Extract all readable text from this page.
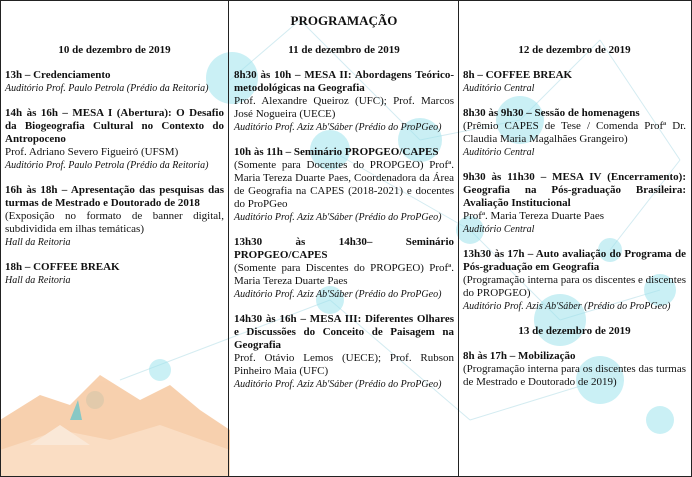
PROGRAMAÇÃO
10 de dezembro de 2019
13h – Credenciamento
Auditório Prof. Paulo Petrola (Prédio da Reitoria)
14h às 16h – MESA I (Abertura): O Desafio da Biogeografia Cultural no Contexto do Antropoceno
Prof. Adriano Severo Figueiró (UFSM)
Auditório Prof. Paulo Petrola (Prédio da Reitoria)
16h às 18h – Apresentação das pesquisas das turmas de Mestrado e Doutorado de 2018
(Exposição no formato de banner digital, subdividida em ilhas temáticas)
Hall da Reitoria
18h – COFFEE BREAK
Hall da Reitoria
11 de dezembro de 2019
8h30 às 10h – MESA II: Abordagens Teórico-metodológicas na Geografia
Prof. Alexandre Queiroz (UFC); Prof. Marcos José Nogueira (UECE)
Auditório Prof. Aziz Ab'Sáber (Prédio do ProPGeo)
10h às 11h – Seminário PROPGEO/CAPES
(Somente para Docentes do PROPGEO) Profª. Maria Tereza Duarte Paes, Coordenadora da Área de Geografia na CAPES (2018-2021) e docentes do ProPGeo
Auditório Prof. Aziz Ab'Sáber (Prédio do ProPGeo)
13h30 às 14h30– Seminário PROPGEO/CAPES
(Somente para Discentes do PROPGEO) Profª. Maria Tereza Duarte Paes
Auditório Prof. Aziz Ab'Sáber (Prédio do ProPGeo)
14h30 às 16h – MESA III: Diferentes Olhares e Discussões do Conceito de Paisagem na Geografia
Prof. Otávio Lemos (UECE); Prof. Rubson Pinheiro Maia (UFC)
Auditório Prof. Aziz Ab'Sáber (Prédio do ProPGeo)
12 de dezembro de 2019
8h – COFFEE BREAK
Auditório Central
8h30 às 9h30 – Sessão de homenagens
(Prêmio CAPES de Tese / Comenda Profª Dr. Claudia Maria Magalhães Grangeiro)
Auditório Central
9h30 às 11h30 – MESA IV (Encerramento): Geografia na Pós-graduação Brasileira: Avaliação Institucional
Profª. Maria Tereza Duarte Paes
Auditório Central
13h30 às 17h – Auto avaliação do Programa de Pós-graduação em Geografia
(Programação interna para os discentes e discentes do PROPGEO)
Auditório Prof. Azis Ab'Sáber (Prédio do ProPGeo)
13 de dezembro de 2019
8h às 17h – Mobilização
(Programação interna para os discentes das turmas de Mestrado e Doutorado de 2019)
